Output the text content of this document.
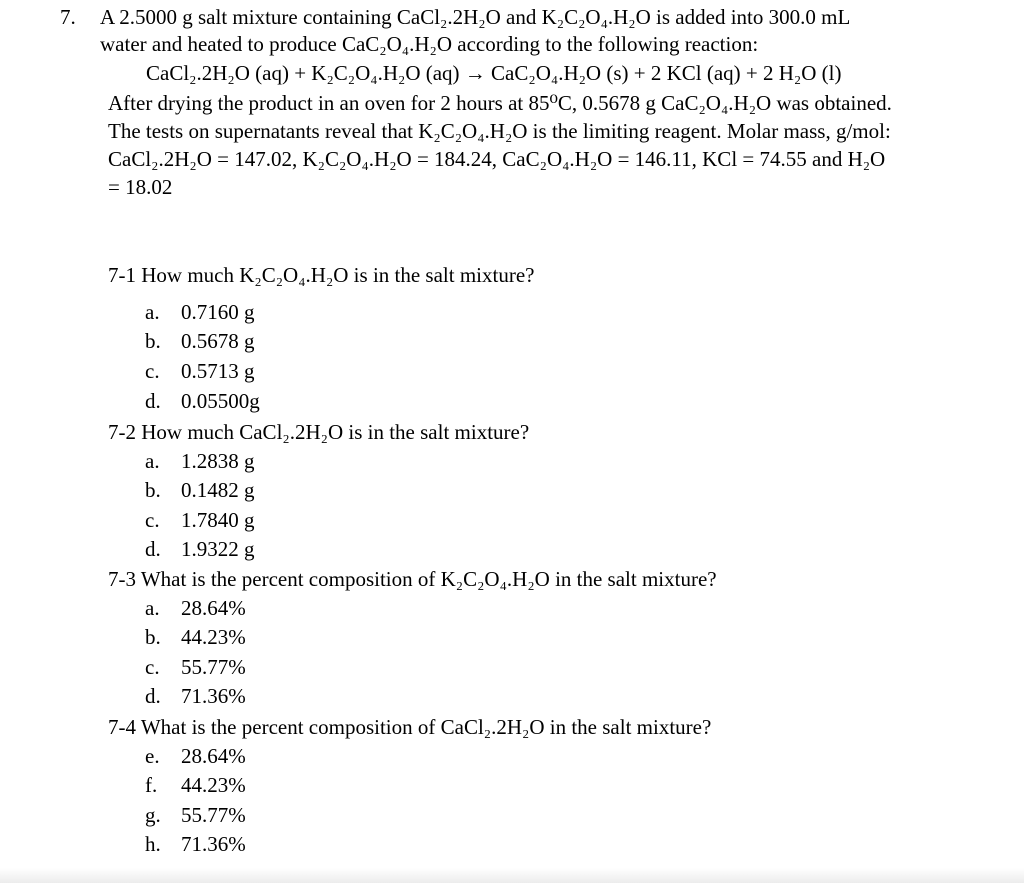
7. A 2.5000 g salt mixture containing CaCl₂.2H₂O and K₂C₂O₄.H₂O is added into 300.0 mL
water and heated to produce CaC₂O₄.H₂O according to the following reaction:
CaCl₂.2H₂O (aq) + K₂C₂O₄.H₂O (aq) → CaC₂O₄.H₂O (s) + 2 KCl (aq) + 2 H₂O (l)
After drying the product in an oven for 2 hours at 85⁰C, 0.5678 g CaC₂O₄.H₂O was obtained.
The tests on supernatants reveal that K₂C₂O₄.H₂O is the limiting reagent. Molar mass, g/mol:
CaCl₂.2H₂O = 147.02, K₂C₂O₄.H₂O = 184.24, CaC₂O₄.H₂O = 146.11, KCl = 74.55 and H₂O
= 18.02
7-1 How much K₂C₂O₄.H₂O is in the salt mixture?
a. 0.7160 g
b. 0.5678 g
c. 0.5713 g
d. 0.05500g
7-2 How much CaCl₂.2H₂O is in the salt mixture?
a. 1.2838 g
b. 0.1482 g
c. 1.7840 g
d. 1.9322 g
7-3 What is the percent composition of K₂C₂O₄.H₂O in the salt mixture?
a. 28.64%
b. 44.23%
c. 55.77%
d. 71.36%
7-4 What is the percent composition of CaCl₂.2H₂O in the salt mixture?
e. 28.64%
f. 44.23%
g. 55.77%
h. 71.36%
